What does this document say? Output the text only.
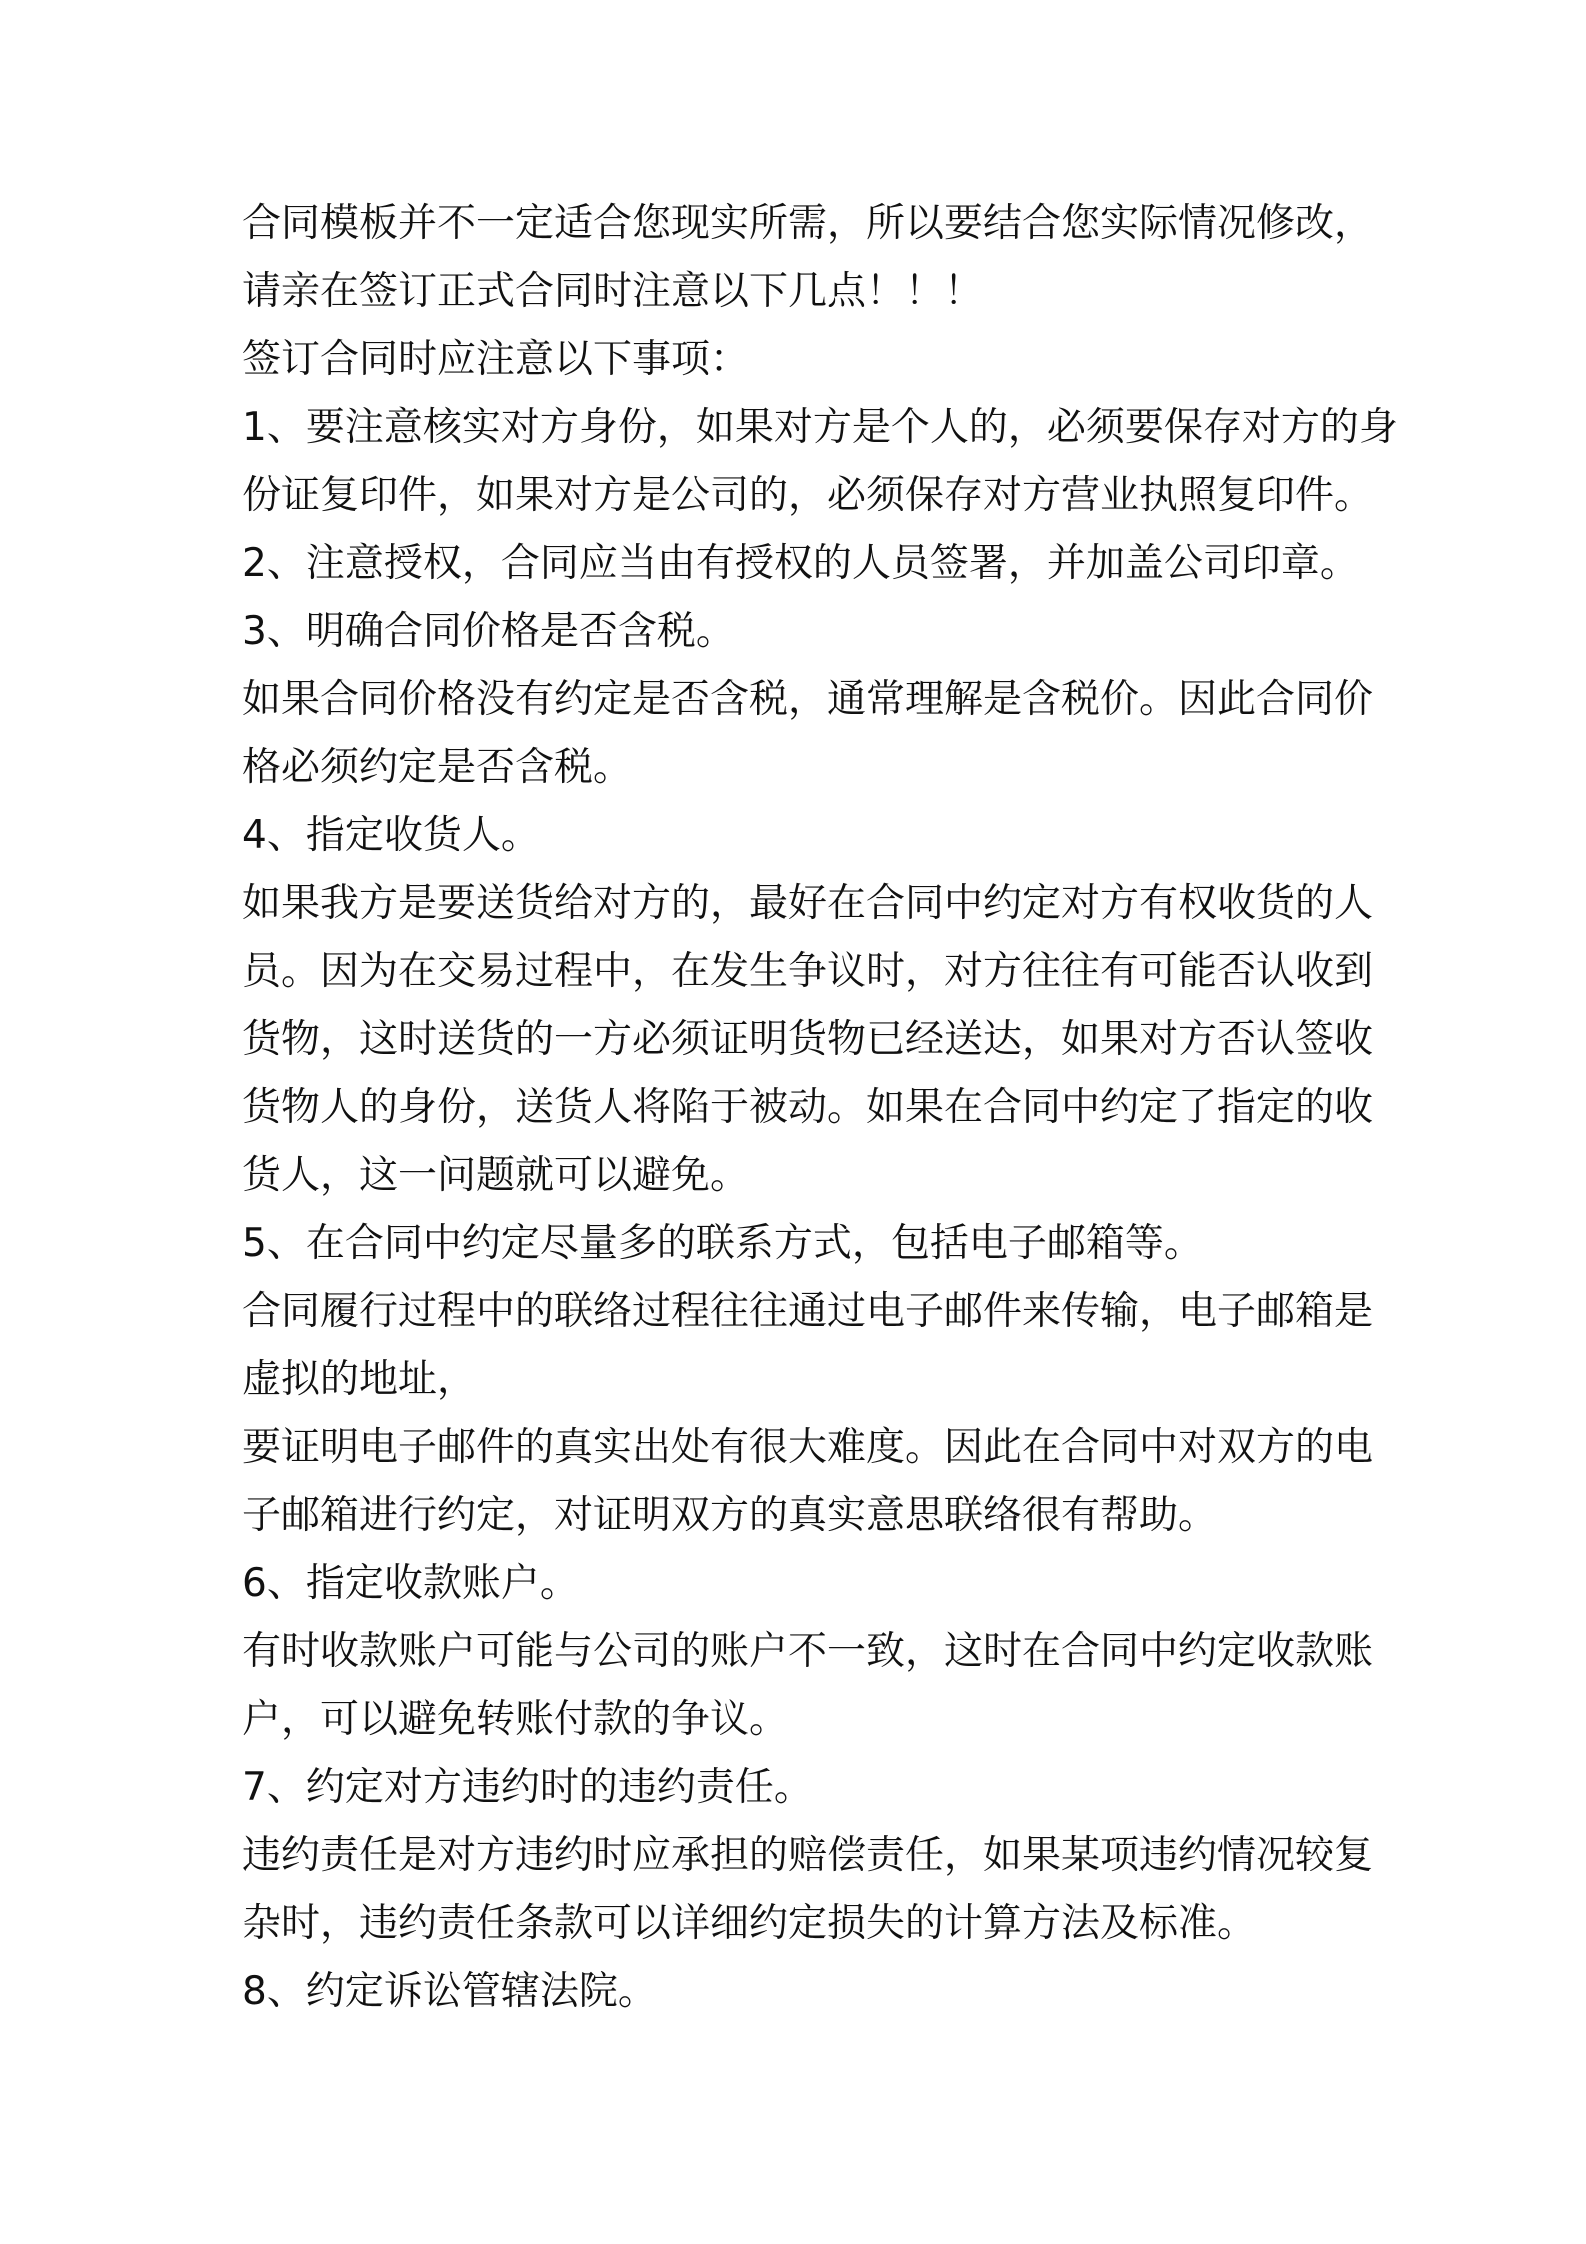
合同模板并不一定适合您现实所需，所以要结合您实际情况修改，

请亲在签订正式合同时注意以下几点！！！

签订合同时应注意以下事项：

1、要注意核实对方身份，如果对方是个人的，必须要保存对方的身

份证复印件，如果对方是公司的，必须保存对方营业执照复印件。

2、注意授权，合同应当由有授权的人员签署，并加盖公司印章。

3、明确合同价格是否含税。

如果合同价格没有约定是否含税，通常理解是含税价。因此合同价

格必须约定是否含税。

4、指定收货人。

如果我方是要送货给对方的，最好在合同中约定对方有权收货的人

员。因为在交易过程中，在发生争议时，对方往往有可能否认收到

货物，这时送货的一方必须证明货物已经送达，如果对方否认签收

货物人的身份，送货人将陷于被动。如果在合同中约定了指定的收

货人，这一问题就可以避免。

5、在合同中约定尽量多的联系方式，包括电子邮箱等。

合同履行过程中的联络过程往往通过电子邮件来传输，电子邮箱是

虚拟的地址，

要证明电子邮件的真实出处有很大难度。因此在合同中对双方的电

子邮箱进行约定，对证明双方的真实意思联络很有帮助。

6、指定收款账户。

有时收款账户可能与公司的账户不一致，这时在合同中约定收款账

户，可以避免转账付款的争议。

7、约定对方违约时的违约责任。

违约责任是对方违约时应承担的赔偿责任，如果某项违约情况较复

杂时，违约责任条款可以详细约定损失的计算方法及标准。

8、约定诉讼管辖法院。
